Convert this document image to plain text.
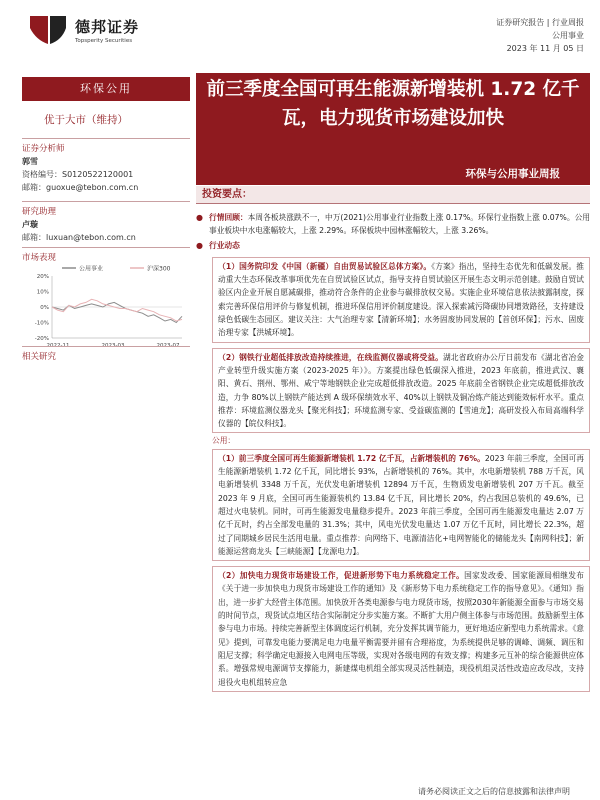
德邦证券
Topsperity Securities
证券研究报告 | 行业周报
公用事业
2023 年 11 月 05 日
环保公用	前三季度全国可再生能源新增装机 1.72 亿千瓦，电力现货市场建设加快
环保与公用事业周报
优于大市（维持）
证券分析师
郭雪
资格编号：S0120522120001
邮箱：guoxue@tebon.com.cn
研究助理
卢璇
邮箱：luxuan@tebon.com.cn
市场表现
公用事业	沪深300
20%
10%
0%
-10%
-20%
2022-11	2023-03	2023-07
相关研究
投资要点：
● 行情回顾：本周各板块涨跌不一，中万(2021)公用事业行业指数上涨 0.17%。环保行业指数上涨 0.07%。公用事业板块中水电涨幅较大，上涨 2.29%。环保板块中园林涨幅较大，上涨 3.26%。
● 行业动态
（1）国务院印发《中国（新疆）自由贸易试验区总体方案》。《方案》指出，坚持生态优先和低碳发展。推动重大生态环保改革事项优先在自贸试验区试点，指导支持自贸试验区开展生态文明示范创建。鼓励自贸试验区内企业开展自愿减碳排，推动符合条件的企业参与碳排放权交易。实施企业环境信息依法披露制度，探索完善环保信用评价与修复机制，推进环保信用评价制度建设。深入探索减污降碳协同增效路径，支持建设绿色低碳生态园区。建议关注：大气治理专家【清新环境】；水务固废协同发展的【首创环保】；污水、固废治理专家【洪城环境】。
（2）钢铁行业超低排放改造持续推进，在线监测仪器或将受益。湖北省政府办公厅日前发布《湖北省冶金产业转型升级实施方案（2023-2025 年）》。方案提出绿色低碳深入推进，2023 年底前，推进武汉、襄阳、黄石、荆州、鄂州、咸宁等地钢铁企业完成超低排放改造。2025 年底前全省钢铁企业完成超低排放改造，力争 80%以上钢铁产能达到 A 级环保绩效水平、40%以上钢铁及铜冶炼产能达到能效标杆水平。重点推荐：环境监测仪器龙头【聚光科技】；环境监测专家、受益碳监测的【雪迪龙】；高研发投入布局高端科学仪器的【皖仪科技】。
公用：
（1）前三季度全国可再生能源新增装机 1.72 亿千瓦，占新增装机的 76%。2023 年前三季度，全国可再生能源新增装机 1.72 亿千瓦，同比增长 93%，占新增装机的 76%。其中，水电新增装机 788 万千瓦，风电新增装机 3348 万千瓦，光伏发电新增装机 12894 万千瓦，生物质发电新增装机 207 万千瓦。截至 2023 年 9 月底，全国可再生能源装机约 13.84 亿千瓦，同比增长 20%，约占我国总装机的 49.6%，已超过火电装机。同时，可再生能源发电量稳步提升。2023 年前三季度，全国可再生能源发电量达 2.07 万亿千瓦时，约占全部发电量的 31.3%；其中，风电光伏发电量达 1.07 万亿千瓦时，同比增长 22.3%，超过了同期城乡居民生活用电量。重点推荐：向网络下、电源清洁化+电网智能化的储能龙头【南网科技】；新能源运营商龙头【三峡能源】【龙源电力】。
（2）加快电力现货市场建设工作，促进新形势下电力系统稳定工作。国家发改委、国家能源局相继发布《关于进一步加快电力现货市场建设工作的通知》及《新形势下电力系统稳定工作的指导意见》。《通知》指出，进一步扩大经营主体范围。加快放开各类电源参与电力现货市场，按照2030年新能源全面参与市场交易的时间节点，现货试点地区结合实际制定分步实施方案。不断扩大用户侧主体参与市场范围。鼓励新型主体参与电力市场。持续完善新型主体调度运行机制，充分发挥其调节能力，更好地适应新型电力系统需求。《意见》提到，可靠发电能力要满足电力电量平衡需要并留有合理裕度，为系统提供足够的调峰、调频、调压和阻尼支撑；科学确定电源接入电网电压等级，实现对各级电网的有效支撑；构建多元互补的综合能源供应体系。增强常规电源调节支撑能力，新建煤电机组全部实现灵活性制造，现役机组灵活性改造应改尽改，支持退役火电机组转应急
请务必阅读正文之后的信息披露和法律声明
